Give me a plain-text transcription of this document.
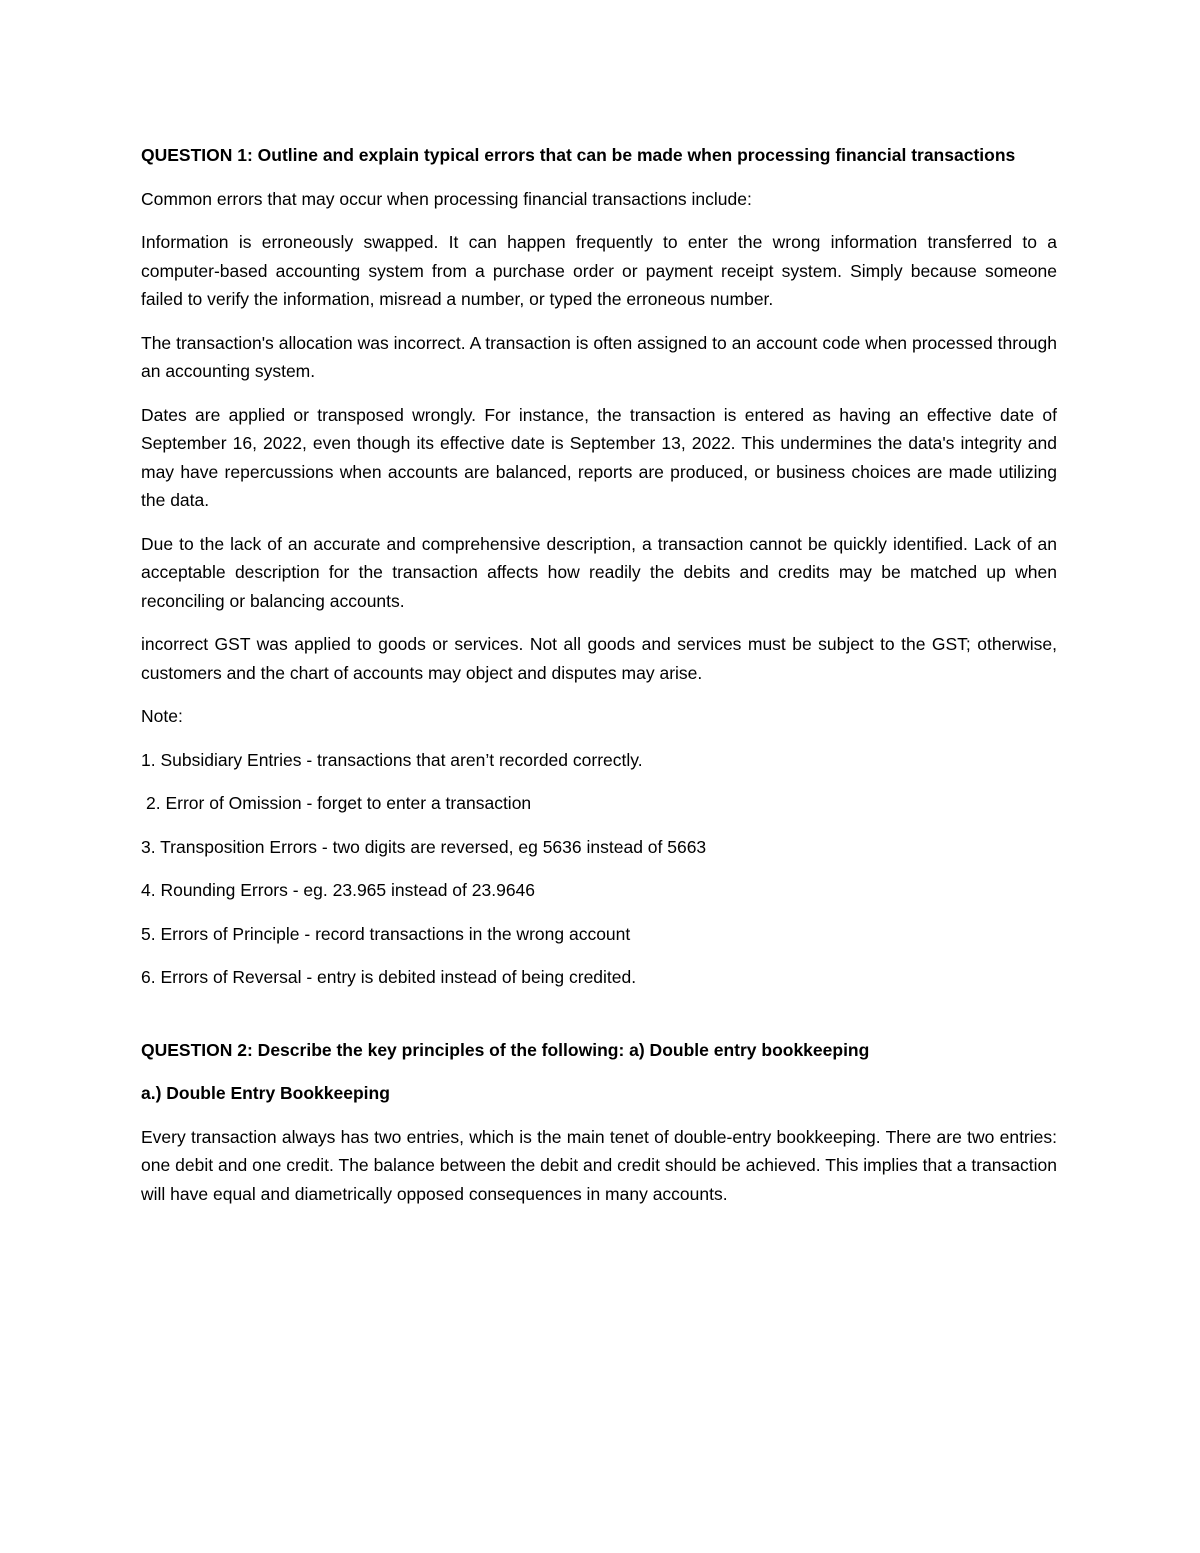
QUESTION 1: Outline and explain typical errors that can be made when processing financial transactions

Common errors that may occur when processing financial transactions include:

Information is erroneously swapped. It can happen frequently to enter the wrong information transferred to a computer-based accounting system from a purchase order or payment receipt system. Simply because someone failed to verify the information, misread a number, or typed the erroneous number.

The transaction's allocation was incorrect. A transaction is often assigned to an account code when processed through an accounting system.

Dates are applied or transposed wrongly. For instance, the transaction is entered as having an effective date of September 16, 2022, even though its effective date is September 13, 2022. This undermines the data's integrity and may have repercussions when accounts are balanced, reports are produced, or business choices are made utilizing the data.

Due to the lack of an accurate and comprehensive description, a transaction cannot be quickly identified. Lack of an acceptable description for the transaction affects how readily the debits and credits may be matched up when reconciling or balancing accounts.

incorrect GST was applied to goods or services. Not all goods and services must be subject to the GST; otherwise, customers and the chart of accounts may object and disputes may arise.

Note:

1. Subsidiary Entries - transactions that aren’t recorded correctly.

2. Error of Omission - forget to enter a transaction

3. Transposition Errors - two digits are reversed, eg 5636 instead of 5663

4. Rounding Errors - eg. 23.965 instead of 23.9646

5. Errors of Principle - record transactions in the wrong account

6. Errors of Reversal - entry is debited instead of being credited.

QUESTION 2: Describe the key principles of the following: a) Double entry bookkeeping

a.) Double Entry Bookkeeping

Every transaction always has two entries, which is the main tenet of double-entry bookkeeping. There are two entries: one debit and one credit. The balance between the debit and credit should be achieved. This implies that a transaction will have equal and diametrically opposed consequences in many accounts.
